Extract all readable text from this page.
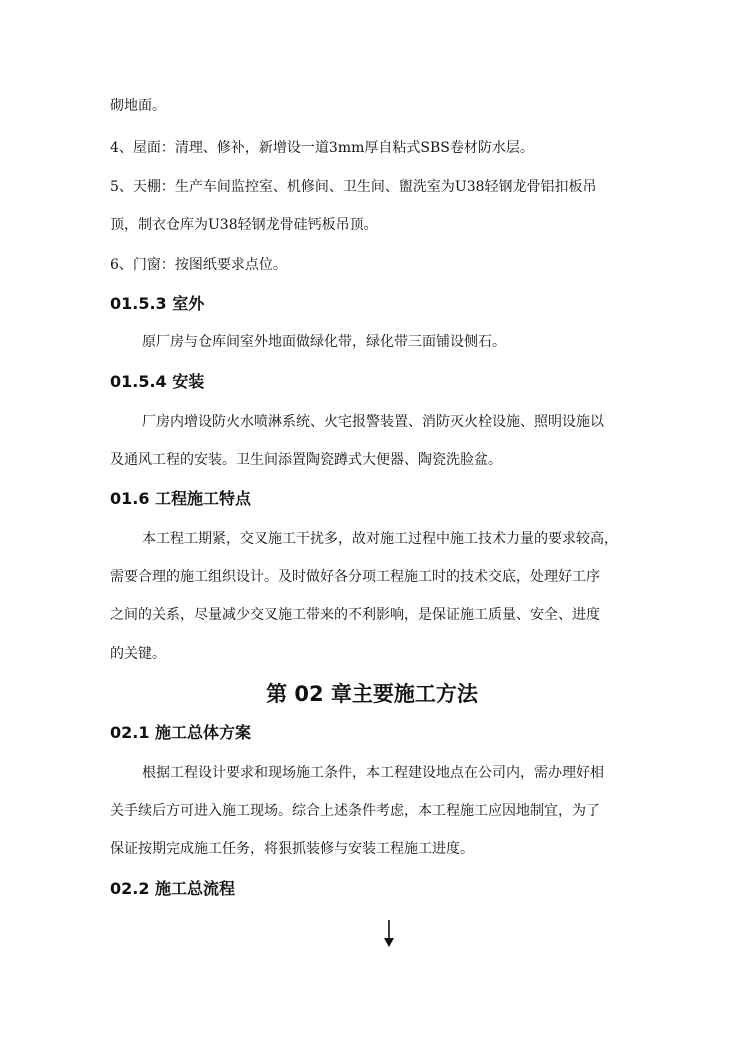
砌地面。
4、屋面：清理、修补，新增设一道3mm厚自粘式SBS卷材防水层。
5、天棚：生产车间监控室、机修间、卫生间、盥洗室为U38轻钢龙骨铝扣板吊
顶，制衣仓库为U38轻钢龙骨硅钙板吊顶。
6、门窗：按图纸要求点位。
01.5.3 室外
原厂房与仓库间室外地面做绿化带，绿化带三面铺设侧石。
01.5.4 安装
厂房内增设防火水喷淋系统、火宅报警装置、消防灭火栓设施、照明设施以
及通风工程的安装。卫生间添置陶瓷蹲式大便器、陶瓷洗脸盆。
01.6 工程施工特点
本工程工期紧，交叉施工干扰多，故对施工过程中施工技术力量的要求较高，
需要合理的施工组织设计。及时做好各分项工程施工时的技术交底，处理好工序
之间的关系，尽量减少交叉施工带来的不利影响，是保证施工质量、安全、进度
的关键。
第 02 章主要施工方法
02.1 施工总体方案
根据工程设计要求和现场施工条件，本工程建设地点在公司内，需办理好相
关手续后方可进入施工现场。综合上述条件考虑，本工程施工应因地制宜，为了
保证按期完成施工任务，将狠抓装修与安装工程施工进度。
02.2 施工总流程
